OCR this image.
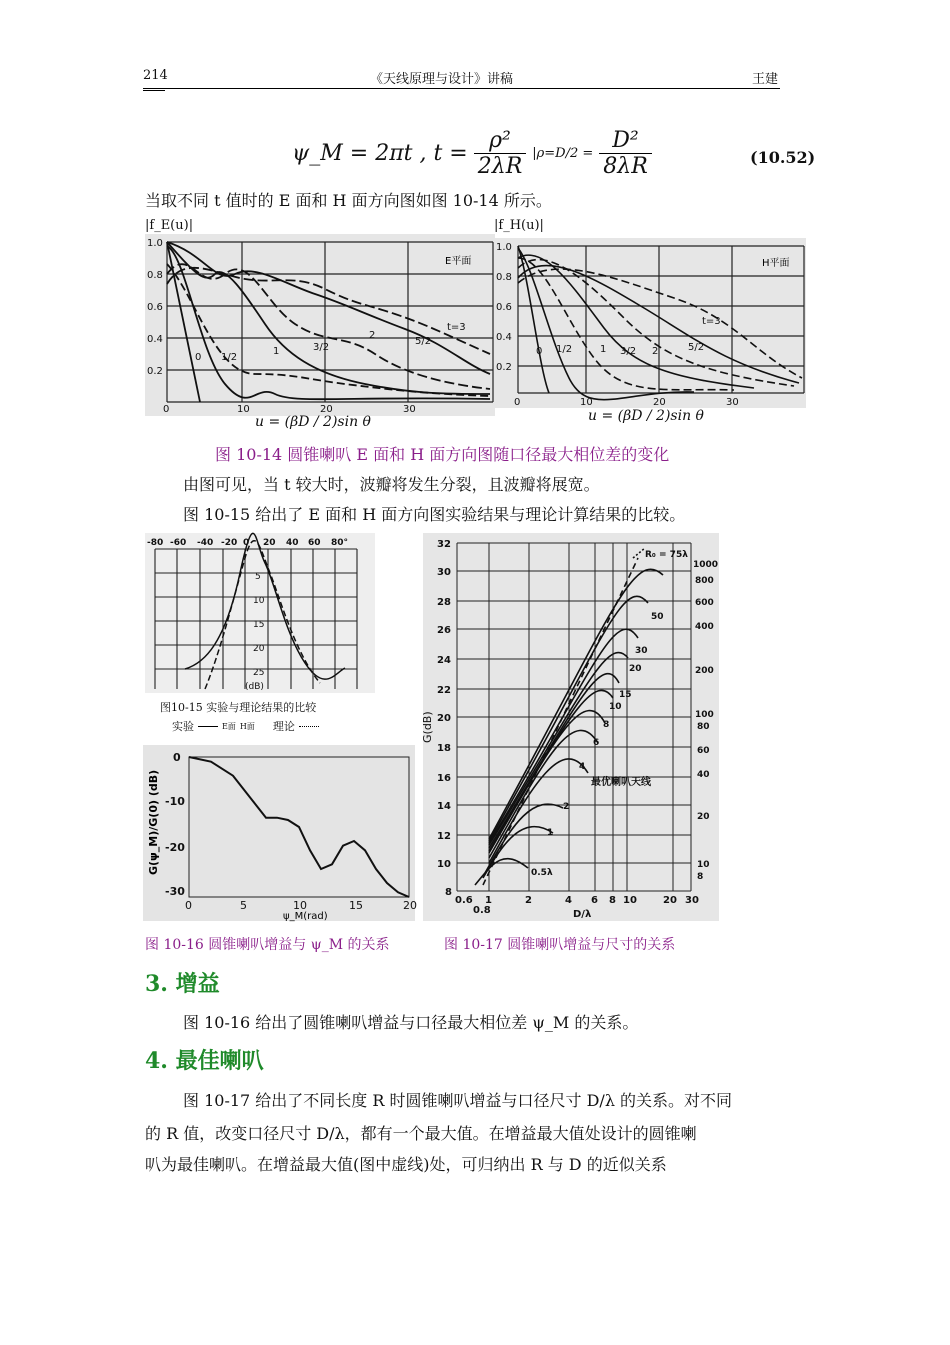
214	《天线原理与设计》讲稿	王建
ψ_M = 2πt , $t = \frac{\text{ρ²}}{2\lambda R} |\rho=D/2 = \frac{\text{D²}}{8\lambda R}$	(10.52)
当取不同 t 值时的 E 面和 H 面方向图如图 10-14 所示。
|f_E(u)|	|f_H(u)|
1.0
0.8
0.6
0.4
0.2
0	10	20	30
E平面
0 1/2
1	3/2
2
5/2
t=3
u = (βD / 2)sin θ
1.0
0.8
0.6
0.4
0.2
0	10	20	30
H平面
0 1/2	1 3/2 2	5/2
t=3
u = (βD / 2)sin θ
图 10-14 圆锥喇叭 E 面和 H 面方向图随口径最大相位差的变化
由图可见，当 t 较大时，波瓣将发生分裂，且波瓣将展宽。
图 10-15 给出了 E 面和 H 面方向图实验结果与理论计算结果的比较。
-80 -60 -40 -20 0 20 40 60 80°
5
10
15
20
25
(dB)
图10-15 实验与理论结果的比较
实验	E面 H面 理论
0
-10
-20
-30
0	5	10	15	20
ψ_M(rad)
G(ψ_M)/G(0) (dB)
32
30
28
26
24
22
20
18
16
14
12
10
8
0.6 1	2	4 6 8 10	20 30
0.8	D/λ
1000
800
600
400
200
100
80
60
40
20
10
8
R₀ = 75λ
50
30
20
15
10
8
6
4
2
1
0.5λ
最优喇叭天线
G(dB)
图 10-16 圆锥喇叭增益与 ψ_M 的关系	图 10-17 圆锥喇叭增益与尺寸的关系
3. 增益
图 10-16 给出了圆锥喇叭增益与口径最大相位差 ψ_M 的关系。
4. 最佳喇叭
图 10-17 给出了不同长度 R 时圆锥喇叭增益与口径尺寸 D/λ 的关系。对不同
的 R 值，改变口径尺寸 D/λ，都有一个最大值。在增益最大值处设计的圆锥喇
叭为最佳喇叭。在增益最大值(图中虚线)处，可归纳出 R 与 D 的近似关系
